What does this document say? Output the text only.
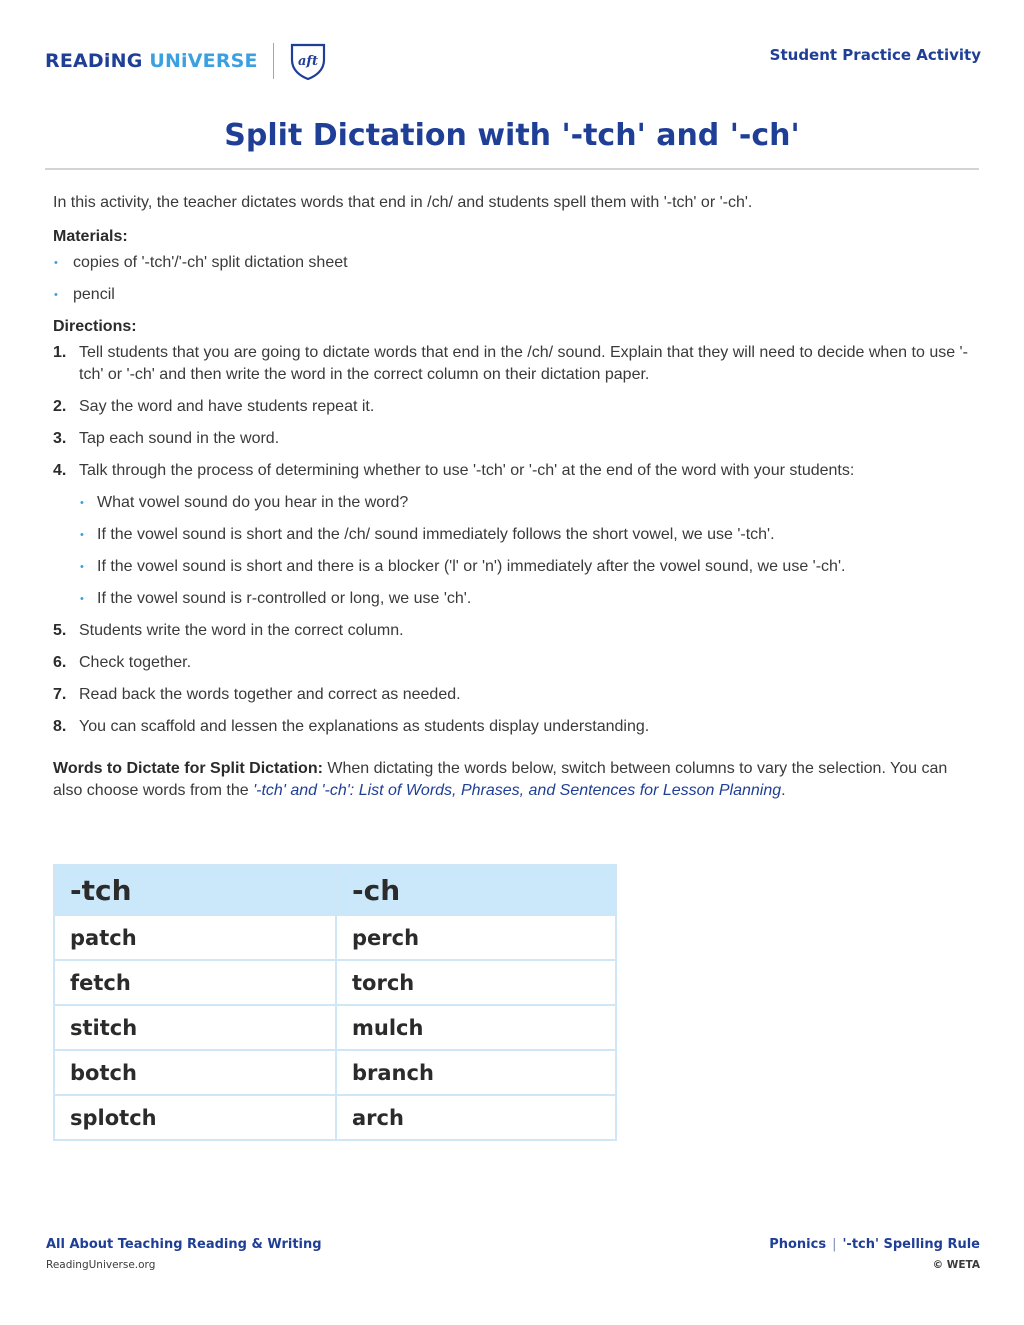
READiNG UNiVERSE	aft	Student Practice Activity
Split Dictation with '-tch' and '-ch'

In this activity, the teacher dictates words that end in /ch/ and students spell them with '-tch' or '-ch'.

Materials:
• copies of '-tch'/'-ch' split dictation sheet
• pencil
Directions:
1. Tell students that you are going to dictate words that end in the /ch/ sound. Explain that they will need to decide when to use '-tch' or '-ch' and then write the word in the correct column on their dictation paper.
2. Say the word and have students repeat it.
3. Tap each sound in the word.
4. Talk through the process of determining whether to use '-tch' or '-ch' at the end of the word with your students:
• What vowel sound do you hear in the word?
• If the vowel sound is short and the /ch/ sound immediately follows the short vowel, we use '-tch'.
• If the vowel sound is short and there is a blocker ('l' or 'n') immediately after the vowel sound, we use '-ch'.
• If the vowel sound is r-controlled or long, we use 'ch'.
5. Students write the word in the correct column.
6. Check together.
7. Read back the words together and correct as needed.
8. You can scaffold and lessen the explanations as students display understanding.

Words to Dictate for Split Dictation: When dictating the words below, switch between columns to vary the selection. You can also choose words from the '-tch' and '-ch': List of Words, Phrases, and Sentences for Lesson Planning.

-tch	-ch
patch	perch
fetch	torch
stitch	mulch
botch	branch
splotch	arch
All About Teaching Reading & Writing
ReadingUniverse.org
Phonics | '-tch' Spelling Rule
© WETA
